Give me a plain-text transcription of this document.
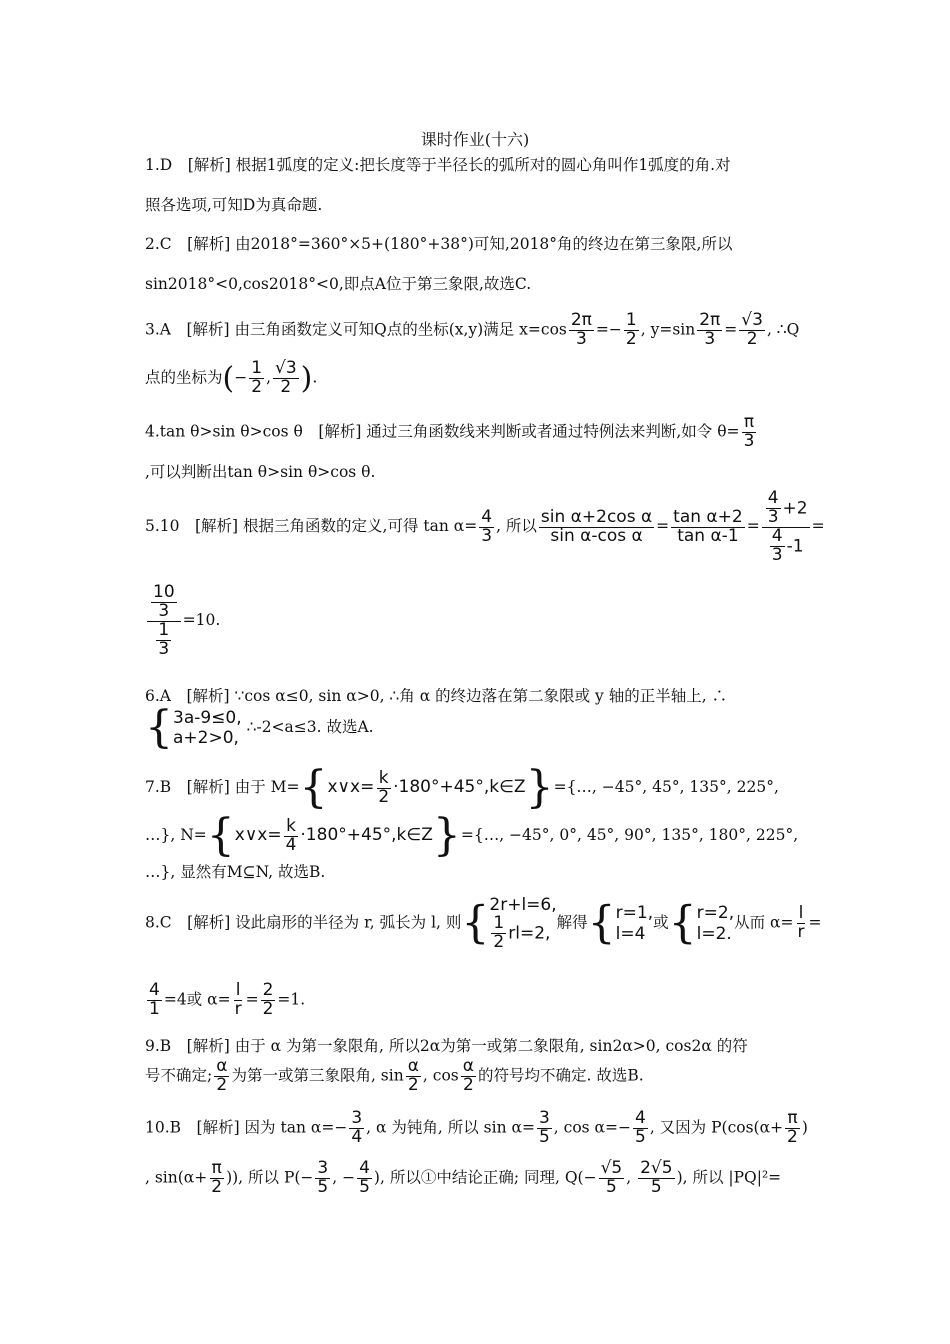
课时作业(十六)
1.D　[解析] 根据1弧度的定义:把长度等于半径长的弧所对的圆心角叫作1弧度的角.对
照各选项,可知D为真命题.
2.C　[解析] 由2018°=360°×5+(180°+38°)可知,2018°角的终边在第三象限,所以
sin2018°<0,cos2018°<0,即点A位于第三象限,故选C.
3.A　[解析] 由三角函数定义可知Q点的坐标(x,y)满足 $x=\cos \frac{2\pi}{3} =- \frac{1}{2}$ , $y=\sin \frac{2\pi}{3} = \frac{√3}{2}$ , ∴Q
点的坐标为(− $\frac{1}{2}$ , $\frac{√3}{2}$ ).
4.tan θ>sin θ>cos θ　[解析] 通过三角函数线来判断或者通过特例法来判断,如令 $\theta= \frac{\pi}{3}$
,可以判断出tan θ>sin θ>cos θ.
5.10　[解析] 根据三角函数的定义,可得 $\tan \alpha= \frac{4}{3}$ , 所以 $\frac{\text{sin α+2cos α}}{\text{sin α-cos α}} = \frac{\text{tan α+2}}{\text{tan α-1}} = \frac{\frac{4}{3} +2}{\frac{4}{3} -1}$ =
$\frac{\frac{10}{3}}{\frac{1}{3}} =10$.
6.A　[解析] ∵cos α≤0, sin α>0, ∴角 α 的终边落在第二象限或 y 轴的正半轴上, ∴
{ 3a-9≤0,
a+2>0,
∴-2<a≤3. 故选A.
7.B　[解析] 由于 M={x∨x= $\frac{k}{2}$ ·180°+45°,k∈Z}={…, −45°, 45°, 135°, 225°,
…}, N={x∨x= $\frac{k}{4}$ ·180°+45°,k∈Z}={…, −45°, 0°, 45°, 90°, 135°, 180°, 225°,
…}, 显然有M⊆N, 故选B.
8.C　[解析] 设此扇形的半径为 r, 弧长为 l, 则{ 2r+l=6,
$\frac{1}{2} rl=2$,
解得{ r=1,
l=4
或{ r=2,
l=2.
从而 $\alpha= \frac{l}{r}$ =
$\frac{4}{1} =4$或 $\alpha= \frac{l}{r} = \frac{2}{2} =1$.
9.B　[解析] 由于 α 为第一象限角, 所以2α为第一或第二象限角, sin2α>0, cos2α 的符
号不确定; $\frac{\alpha}{2}$ 为第一或第三象限角, $\sin \frac{\alpha}{2}$ , $\cos \frac{\alpha}{2}$ 的符号均不确定. 故选B.
10.B　[解析] 因为 $\tan \alpha=- \frac{3}{4}$ , α 为钝角, 所以 $\sin \alpha= \frac{3}{5}$ , $\cos \alpha=- \frac{4}{5}$ , 又因为 $P(\cos(\alpha+ \frac{\pi}{2}$ )
, $\sin(\alpha+ \frac{\pi}{2}$ )), 所以 $P(- \frac{3}{5}$ , − $\frac{4}{5}$ ), 所以①中结论正确; 同理, $Q(- \frac{√5}{5}$ , $\frac{2√5}{5}$ ), 所以 |PQ|²=
